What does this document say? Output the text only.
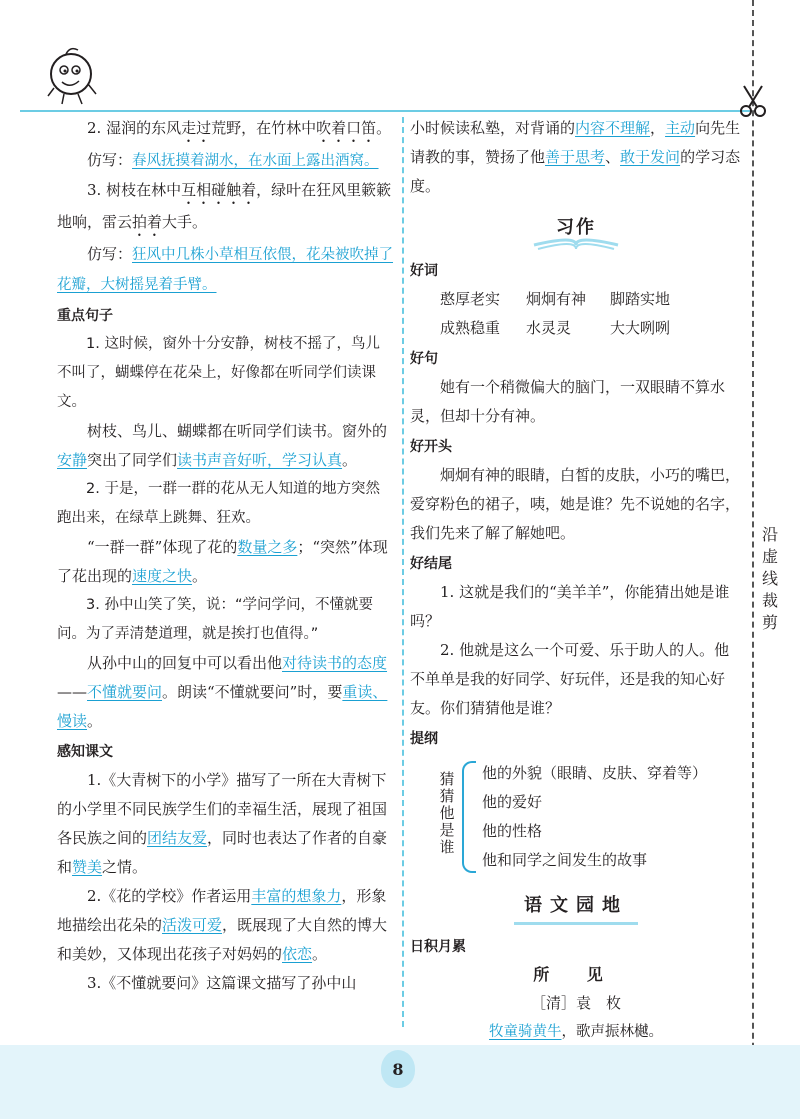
沿虚线裁剪

2. 湿润的东风走过荒野，在竹林中吹着口笛。

仿写：春风抚摸着湖水，在水面上露出酒窝。

3. 树枝在林中互相碰触着，绿叶在狂风里簌簌地响，雷云拍着大手。

仿写：狂风中几株小草相互依偎，花朵被吹掉了花瓣，大树摇晃着手臂。

重点句子

1. 这时候，窗外十分安静，树枝不摇了，鸟儿不叫了，蝴蝶停在花朵上，好像都在听同学们读课文。

树枝、鸟儿、蝴蝶都在听同学们读书。窗外的安静突出了同学们读书声音好听，学习认真。

2. 于是，一群一群的花从无人知道的地方突然跑出来，在绿草上跳舞、狂欢。

“一群一群”体现了花的数量之多；“突然”体现了花出现的速度之快。

3. 孙中山笑了笑，说：“学问学问，不懂就要问。为了弄清楚道理，就是挨打也值得。”

从孙中山的回复中可以看出他对待读书的态度——不懂就要问。朗读“不懂就要问”时，要重读、慢读。

感知课文

1.《大青树下的小学》描写了一所在大青树下的小学里不同民族学生们的幸福生活，展现了祖国各民族之间的团结友爱，同时也表达了作者的自豪和赞美之情。

2.《花的学校》作者运用丰富的想象力，形象地描绘出花朵的活泼可爱，既展现了大自然的博大和美妙，又体现出花孩子对妈妈的依恋。

3.《不懂就要问》这篇课文描写了孙中山

小时候读私塾，对背诵的内容不理解，主动向先生请教的事，赞扬了他善于思考、敢于发问的学习态度。

习作
好词
憨厚老实	炯炯有神	脚踏实地
成熟稳重	水灵灵	大大咧咧
好句

她有一个稍微偏大的脑门，一双眼睛不算水灵，但却十分有神。

好开头

炯炯有神的眼睛，白皙的皮肤，小巧的嘴巴，爱穿粉色的裙子，咦，她是谁？先不说她的名字，我们先来了解了解她吧。

好结尾

1. 这就是我们的“美羊羊”，你能猜出她是谁吗？

2. 他就是这么一个可爱、乐于助人的人。他不单单是我的好同学、好玩伴，还是我的知心好友。你们猜猜他是谁？

提纲
猜猜他是谁
他的外貌（眼睛、皮肤、穿着等）
他的爱好
他的性格
他和同学之间发生的故事
语文园地
日积月累
所 见
［清］袁　枚
牧童骑黄牛，歌声振林樾。
8
